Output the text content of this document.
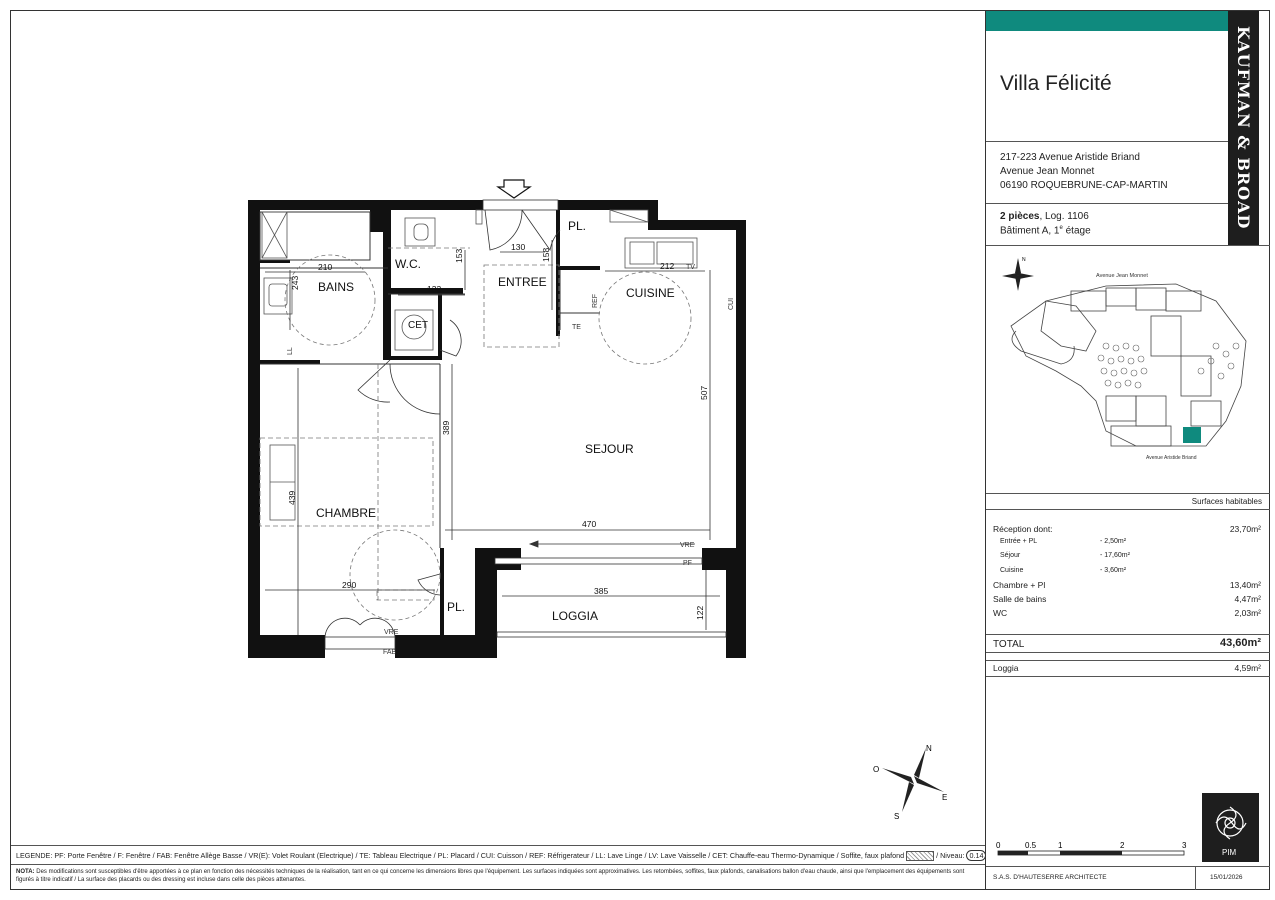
KAUFMAN & BROAD
Villa Félicité
217-223 Avenue Aristide Briand
Avenue Jean Monnet
06190 ROQUEBRUNE-CAP-MARTIN
2 pièces, Log. 1106
Bâtiment A, 1e étage
N
Avenue Jean Monnet
Avenue Aristide Briand
Surfaces habitables
Réception dont:	23,70m²
Entrée + PL	- 2,50m²
Séjour	- 17,60m²
Cuisine	- 3,60m²
Chambre + Pl	13,40m²
Salle de bains	4,47m²
WC	2,03m²
TOTAL	43,60m²
Loggia	4,59m²
0	0.5	1	2	3
PIM
S.A.S. D'HAUTESERRE ARCHITECTE	15/01/2026
LEGENDE: PF: Porte Fenêtre / F: Fenêtre / FAB: Fenêtre Allège Basse / VR(E): Volet Roulant (Electrique) / TE: Tableau Electrique / PL: Placard / CUI: Cuisson / REF: Réfrigerateur / LL: Lave Linge / LV: Lave Vaisselle / CET: Chauffe-eau Thermo-Dynamique / Soffite, faux plafond	/ Niveau: 0.14
NOTA: Des modifications sont susceptibles d'être apportées à ce plan en fonction des nécessités techniques de la réalisation, tant en ce qui concerne les dimensions libres que l'équipement. Les surfaces indiquées sont approximatives. Les retombées, soffites, faux plafonds, canalisations ballon d'eau chaude, ainsi que l'emplacement des équipements sont figurés à titre indicatif / La surface des placards ou des dressing est incluse dans celle des pièces attenantes.
N
E
S
O
W.C.
ENTREE
PL.
CUISINE
BAINS
CET
SEJOUR
CHAMBRE
LOGGIA
PL.
TE
REF	CUI
TV
LL
VRE
PF
VRE
FAB
210
243
153
133
130
158
212
507
389
439
470
290
385
122
